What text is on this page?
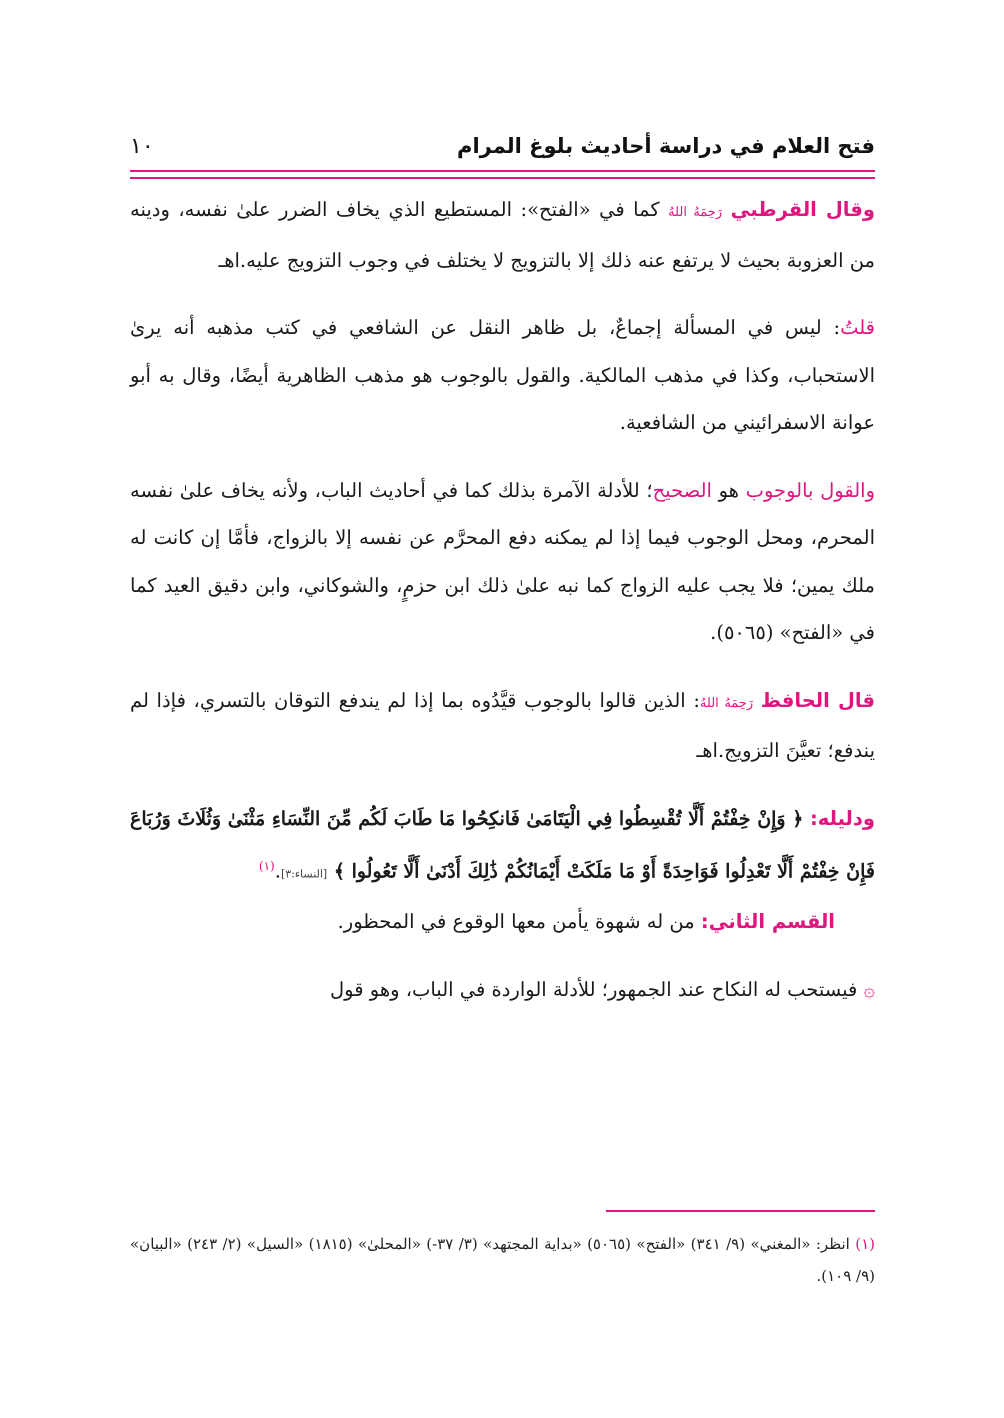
فتح العلام في دراسة أحاديث بلوغ المرام
١٠

وقال القرطبي رَحِمَهُ اللهُ كما في «الفتح»: المستطيع الذي يخاف الضرر علىٰ نفسه، ودينه من العزوبة بحيث لا يرتفع عنه ذلك إلا بالتزويج لا يختلف في وجوب التزويج عليه.اهـ

قلتُ: ليس في المسألة إجماعٌ، بل ظاهر النقل عن الشافعي في كتب مذهبه أنه يرىٰ الاستحباب، وكذا في مذهب المالكية. والقول بالوجوب هو مذهب الظاهرية أيضًا، وقال به أبو عوانة الاسفرائيني من الشافعية.

والقول بالوجوب هو الصحيح؛ للأدلة الآمرة بذلك كما في أحاديث الباب، ولأنه يخاف علىٰ نفسه المحرم، ومحل الوجوب فيما إذا لم يمكنه دفع المحرَّم عن نفسه إلا بالزواج، فأمَّا إن كانت له ملك يمين؛ فلا يجب عليه الزواج كما نبه علىٰ ذلك ابن حزمٍ، والشوكاني، وابن دقيق العيد كما في «الفتح» (٥٠٦٥).

قال الحافظ رَحِمَهُ اللهُ: الذين قالوا بالوجوب قيَّدُوه بما إذا لم يندفع التوقان بالتسري، فإذا لم يندفع؛ تعيَّنَ التزويج.اهـ

ودليله: ﴿ وَإِنْ خِفْتُمْ أَلَّا تُقْسِطُوا فِي الْيَتَامَىٰ فَانكِحُوا مَا طَابَ لَكُم مِّنَ النِّسَاءِ مَثْنَىٰ وَثُلَاثَ وَرُبَاعَ فَإِنْ خِفْتُمْ أَلَّا تَعْدِلُوا فَوَاحِدَةً أَوْ مَا مَلَكَتْ أَيْمَانُكُمْ ذَٰلِكَ أَدْنَىٰ أَلَّا تَعُولُوا ﴾ [النساء:٣].$^{(١)}$

القسم الثاني: من له شهوة يأمن معها الوقوع في المحظور.

۞ فيستحب له النكاح عند الجمهور؛ للأدلة الواردة في الباب، وهو قول

(١) انظر: «المغني» (٩/ ٣٤١) «الفتح» (٥٠٦٥) «بداية المجتهد» (٣/ ٣٧-) «المحلىٰ» (١٨١٥) «السيل» (٢/ ٢٤٣) «البيان» (٩/ ١٠٩).
